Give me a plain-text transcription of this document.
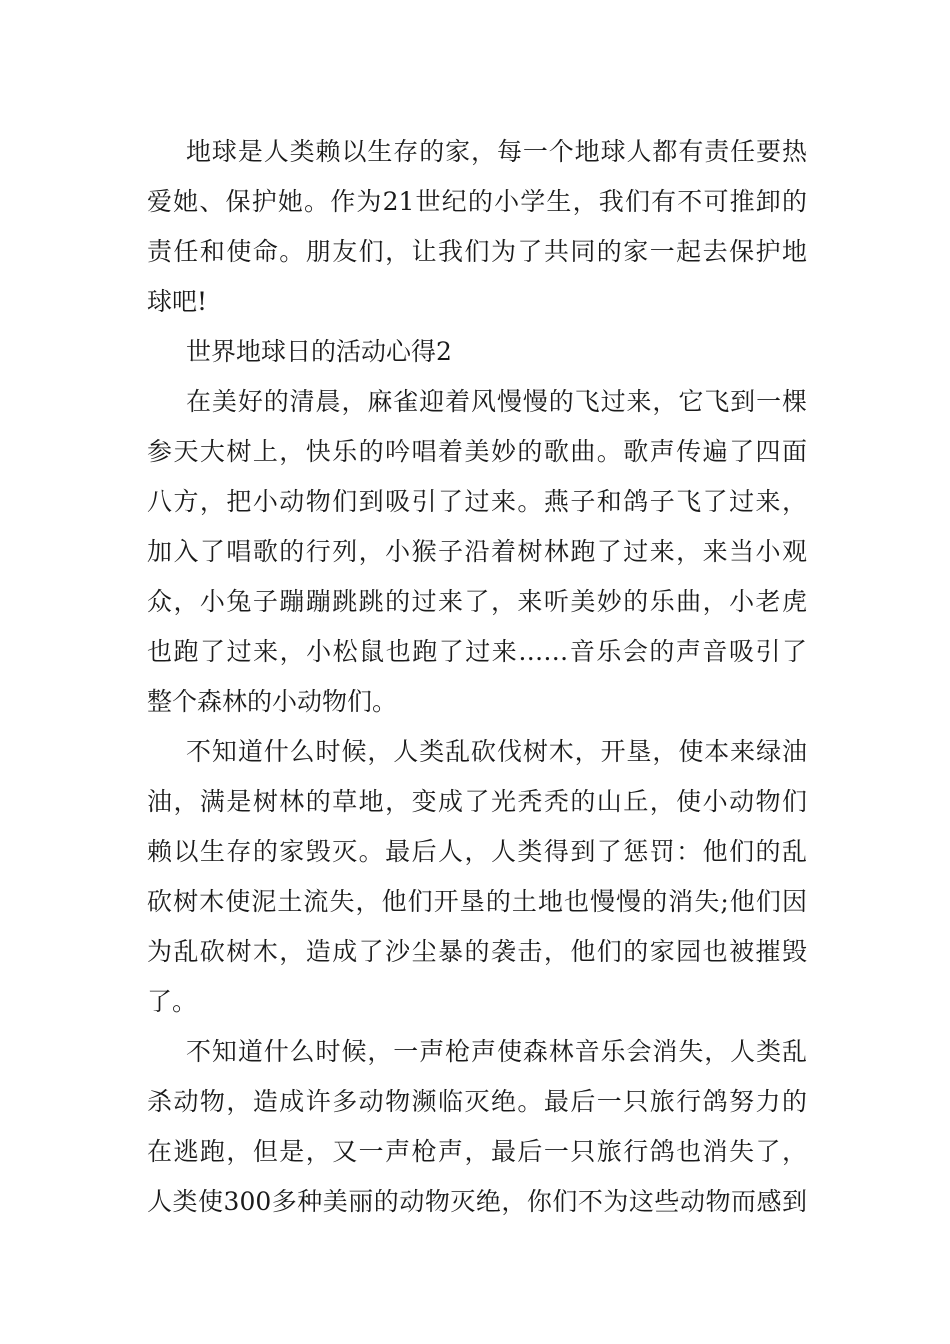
地球是人类赖以生存的家，每一个地球人都有责任要热
爱她、保护她。作为21世纪的小学生，我们有不可推卸的
责任和使命。朋友们，让我们为了共同的家一起去保护地
球吧!
世界地球日的活动心得2
在美好的清晨，麻雀迎着风慢慢的飞过来，它飞到一棵
参天大树上，快乐的吟唱着美妙的歌曲。歌声传遍了四面
八方，把小动物们到吸引了过来。燕子和鸽子飞了过来，
加入了唱歌的行列，小猴子沿着树林跑了过来，来当小观
众，小兔子蹦蹦跳跳的过来了，来听美妙的乐曲，小老虎
也跑了过来，小松鼠也跑了过来……音乐会的声音吸引了
整个森林的小动物们。
不知道什么时候，人类乱砍伐树木，开垦，使本来绿油
油，满是树林的草地，变成了光秃秃的山丘，使小动物们
赖以生存的家毁灭。最后人，人类得到了惩罚：他们的乱
砍树木使泥土流失，他们开垦的土地也慢慢的消失;他们因
为乱砍树木，造成了沙尘暴的袭击，他们的家园也被摧毁
了。
不知道什么时候，一声枪声使森林音乐会消失，人类乱
杀动物，造成许多动物濒临灭绝。最后一只旅行鸽努力的
在逃跑，但是，又一声枪声，最后一只旅行鸽也消失了，
人类使300多种美丽的动物灭绝，你们不为这些动物而感到
